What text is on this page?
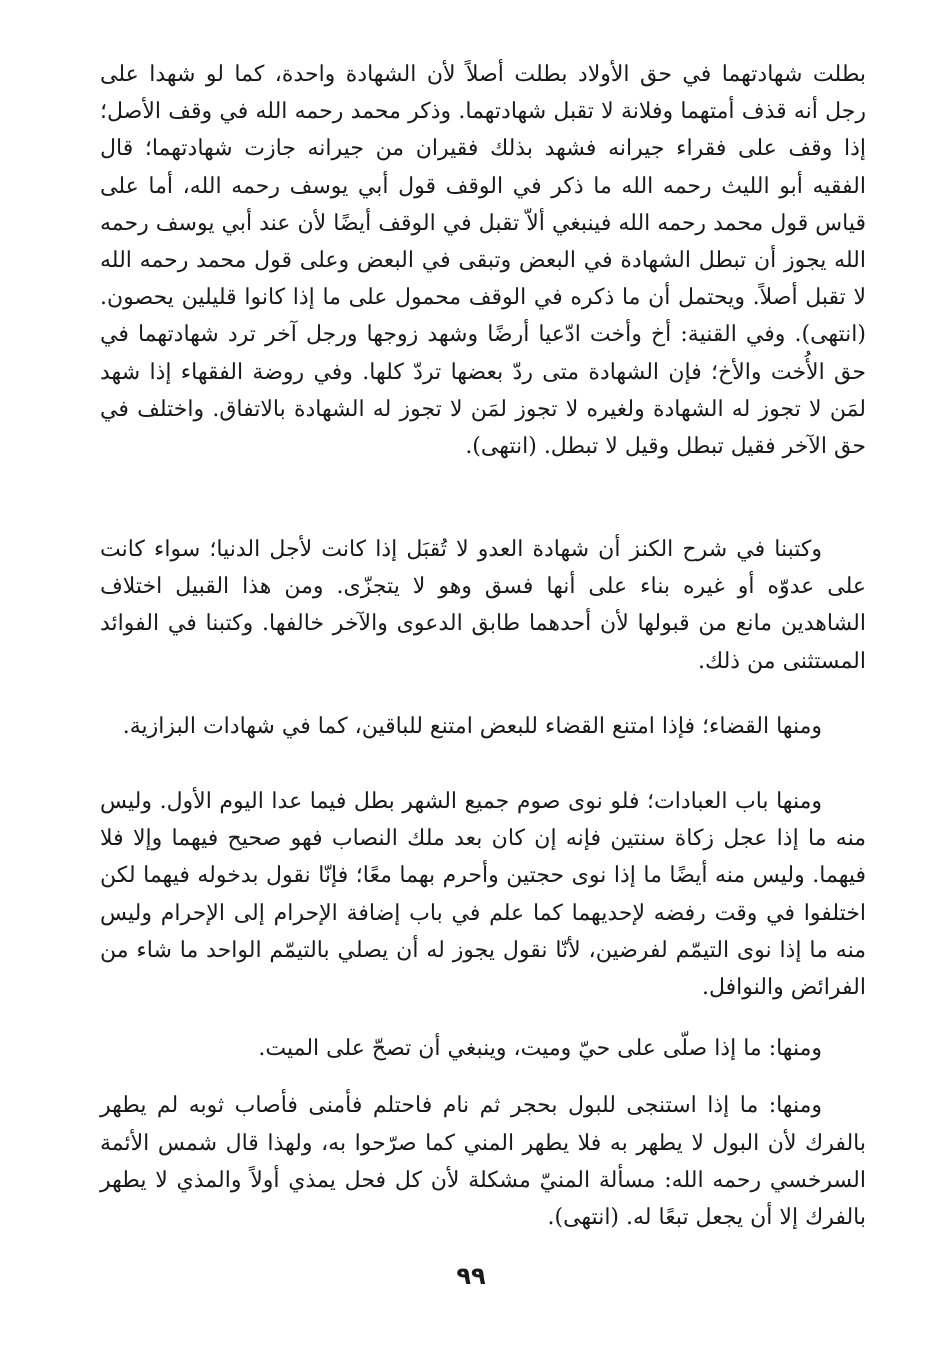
بطلت شهادتهما في حق الأولاد بطلت أصلاً لأن الشهادة واحدة، كما لو شهدا على رجل أنه قذف أمتهما وفلانة لا تقبل شهادتهما. وذكر محمد رحمه الله في وقف الأصل؛ إذا وقف على فقراء جيرانه فشهد بذلك فقيران من جيرانه جازت شهادتهما؛ قال الفقيه أبو الليث رحمه الله ما ذكر في الوقف قول أبي يوسف رحمه الله، أما على قياس قول محمد رحمه الله فينبغي ألاّ تقبل في الوقف أيضًا لأن عند أبي يوسف رحمه الله يجوز أن تبطل الشهادة في البعض وتبقى في البعض وعلى قول محمد رحمه الله لا تقبل أصلاً. ويحتمل أن ما ذكره في الوقف محمول على ما إذا كانوا قليلين يحصون. (انتهى). وفي القنية: أخ وأخت ادّعيا أرضًا وشهد زوجها ورجل آخر ترد شهادتهما في حق الأُخت والأخ؛ فإن الشهادة متى ردّ بعضها تردّ كلها. وفي روضة الفقهاء إذا شهد لمَن لا تجوز له الشهادة ولغيره لا تجوز لمَن لا تجوز له الشهادة بالاتفاق. واختلف في حق الآخر فقيل تبطل وقيل لا تبطل. (انتهى).

وكتبنا في شرح الكنز أن شهادة العدو لا تُقبَل إذا كانت لأجل الدنيا؛ سواء كانت على عدوّه أو غيره بناء على أنها فسق وهو لا يتجزّى. ومن هذا القبيل اختلاف الشاهدين مانع من قبولها لأن أحدهما طابق الدعوى والآخر خالفها. وكتبنا في الفوائد المستثنى من ذلك.

ومنها القضاء؛ فإذا امتنع القضاء للبعض امتنع للباقين، كما في شهادات البزازية.

ومنها باب العبادات؛ فلو نوى صوم جميع الشهر بطل فيما عدا اليوم الأول. وليس منه ما إذا عجل زكاة سنتين فإنه إن كان بعد ملك النصاب فهو صحيح فيهما وإلا فلا فيهما. وليس منه أيضًا ما إذا نوى حجتين وأحرم بهما معًا؛ فإنّا نقول بدخوله فيهما لكن اختلفوا في وقت رفضه لإحديهما كما علم في باب إضافة الإحرام إلى الإحرام وليس منه ما إذا نوى التيمّم لفرضين، لأنّا نقول يجوز له أن يصلي بالتيمّم الواحد ما شاء من الفرائض والنوافل.

ومنها: ما إذا صلّى على حيّ وميت، وينبغي أن تصحّ على الميت.

ومنها: ما إذا استنجى للبول بحجر ثم نام فاحتلم فأمنى فأصاب ثوبه لم يطهر بالفرك لأن البول لا يطهر به فلا يطهر المني كما صرّحوا به، ولهذا قال شمس الأئمة السرخسي رحمه الله: مسألة المنيّ مشكلة لأن كل فحل يمذي أولاً والمذي لا يطهر بالفرك إلا أن يجعل تبعًا له. (انتهى).

٩٩
